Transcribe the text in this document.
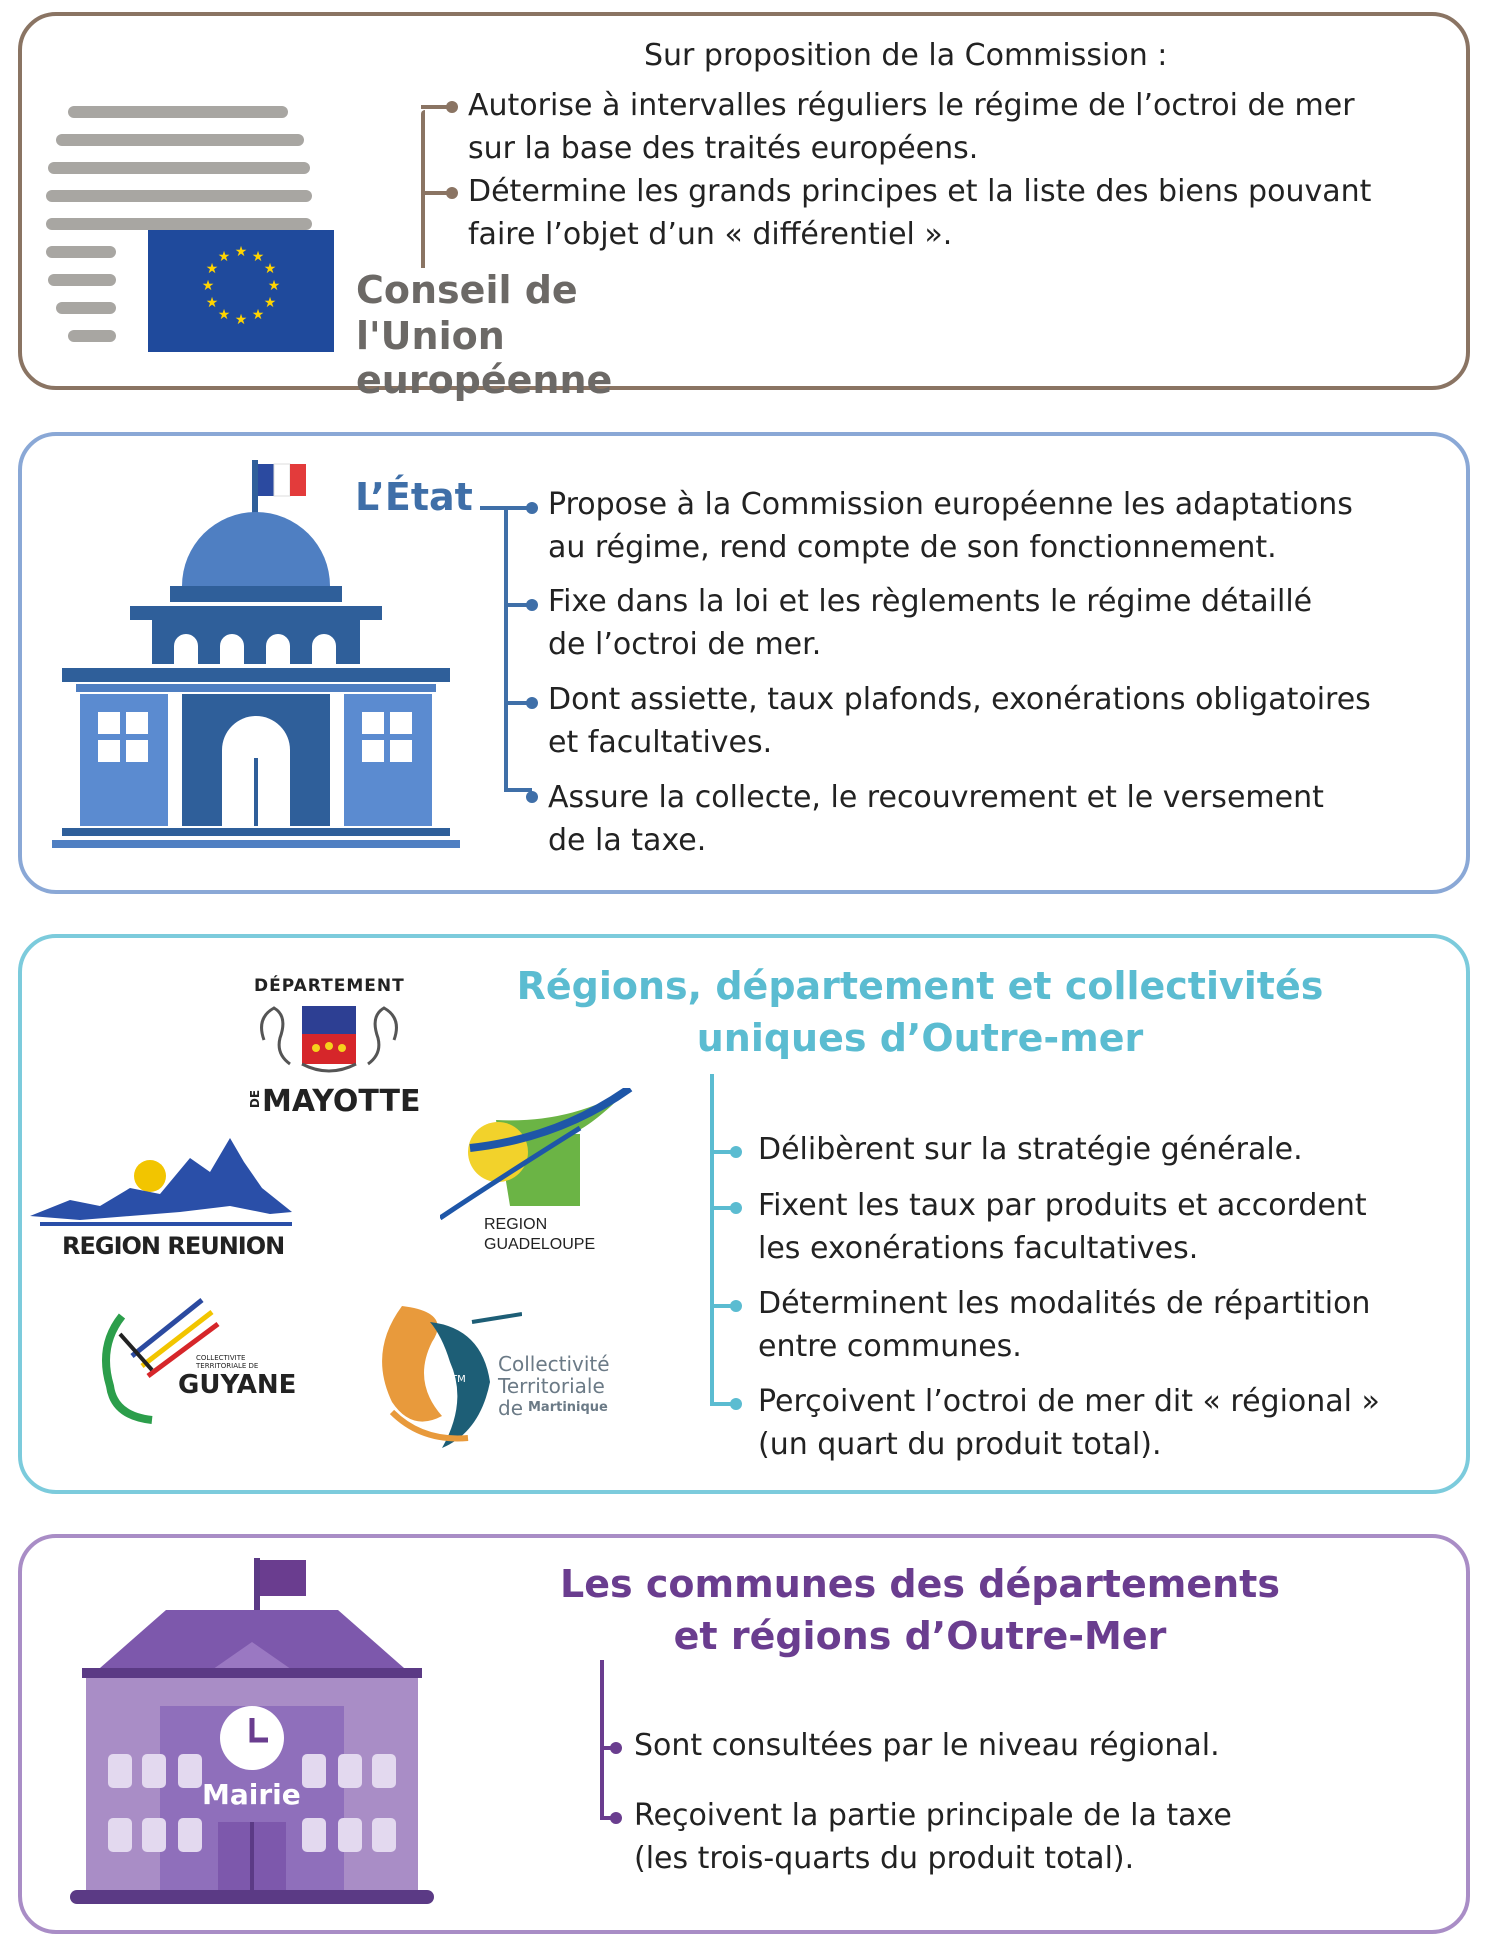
★ ★
★
★
★
★
★
★
★
★
★
★
Conseil de
l'Union européenne
Sur proposition de la Commission :
Autorise à intervalles réguliers le régime de l’octroi de mer
sur la base des traités européens.
Détermine les grands principes et la liste des biens pouvant
faire l’objet d’un « différentiel ».
L’État	Propose à la Commission européenne les adaptations
au régime, rend compte de son fonctionnement.
Fixe dans la loi et les règlements le régime détaillé
de l’octroi de mer.
Dont assiette, taux plafonds, exonérations obligatoires
et facultatives.
Assure la collecte, le recouvrement et le versement
de la taxe.
DÉPARTEMENT
DE MAYOTTE
REGION REUNION
REGION
GUADELOUPE
COLLECTIVITE
TERRITORIALE DE
GUYANE	CTM
Collectivité
Territoriale
de Martinique
Régions, département et collectivités
uniques d’Outre-mer
Délibèrent sur la stratégie générale.
Fixent les taux par produits et accordent
les exonérations facultatives.
Déterminent les modalités de répartition
entre communes.
Perçoivent l’octroi de mer dit « régional »
(un quart du produit total).
Mairie
Les communes des départements
et régions d’Outre-Mer
Sont consultées par le niveau régional.
Reçoivent la partie principale de la taxe
(les trois-quarts du produit total).
